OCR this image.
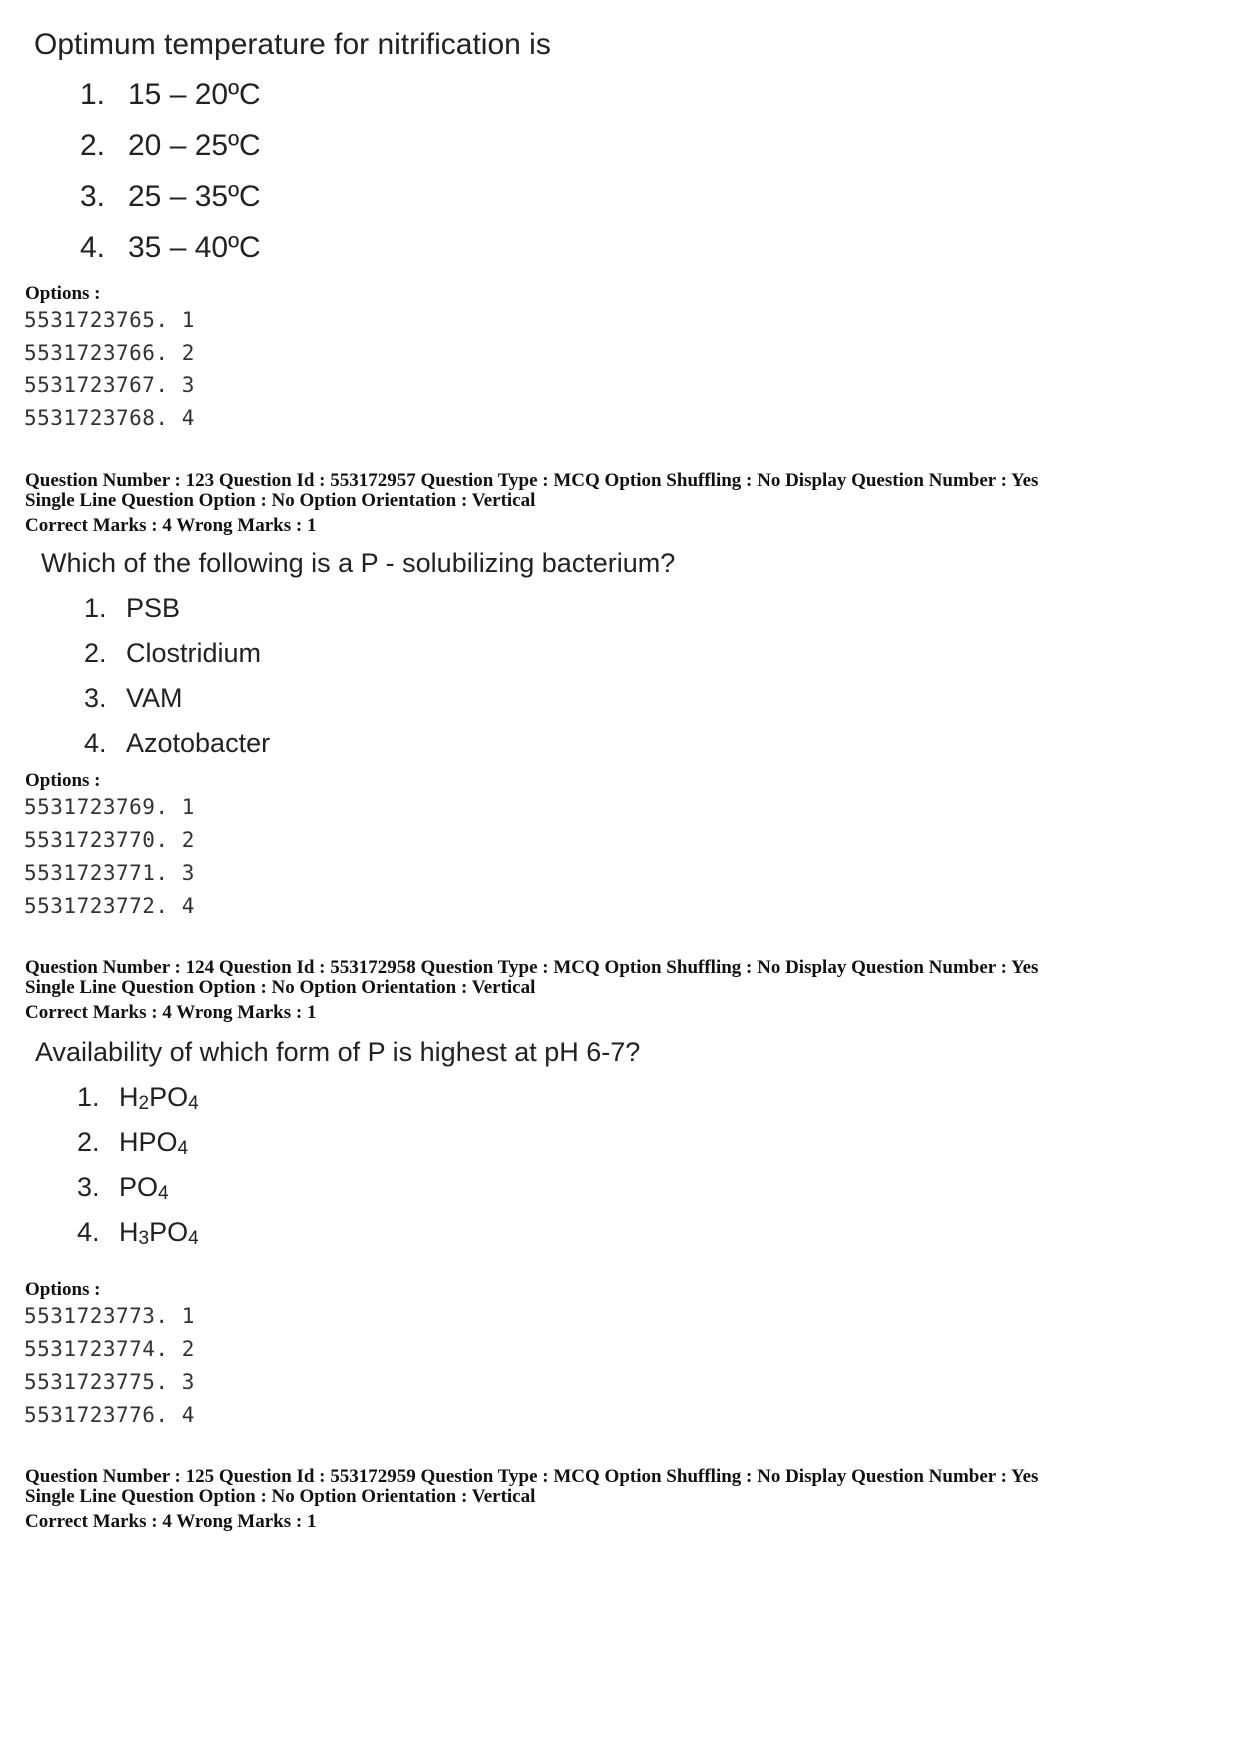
Optimum temperature for nitrification is
1. 15 – 20ºC
2. 20 – 25ºC
3. 25 – 35ºC
4. 35 – 40ºC
Options :
5531723765. 1
5531723766. 2
5531723767. 3
5531723768. 4
Question Number : 123 Question Id : 553172957 Question Type : MCQ Option Shuffling : No Display Question Number : Yes
Single Line Question Option : No Option Orientation : Vertical
Correct Marks : 4 Wrong Marks : 1
Which of the following is a P - solubilizing bacterium?
1. PSB
2. Clostridium
3. VAM
4. Azotobacter
Options :
5531723769. 1
5531723770. 2
5531723771. 3
5531723772. 4
Question Number : 124 Question Id : 553172958 Question Type : MCQ Option Shuffling : No Display Question Number : Yes
Single Line Question Option : No Option Orientation : Vertical
Correct Marks : 4 Wrong Marks : 1
Availability of which form of P is highest at pH 6-7?
1. $H_2PO_4$
2. $HPO_4$
3. $PO_4$
4. $H_3PO_4$
Options :
5531723773. 1
5531723774. 2
5531723775. 3
5531723776. 4
Question Number : 125 Question Id : 553172959 Question Type : MCQ Option Shuffling : No Display Question Number : Yes
Single Line Question Option : No Option Orientation : Vertical
Correct Marks : 4 Wrong Marks : 1
